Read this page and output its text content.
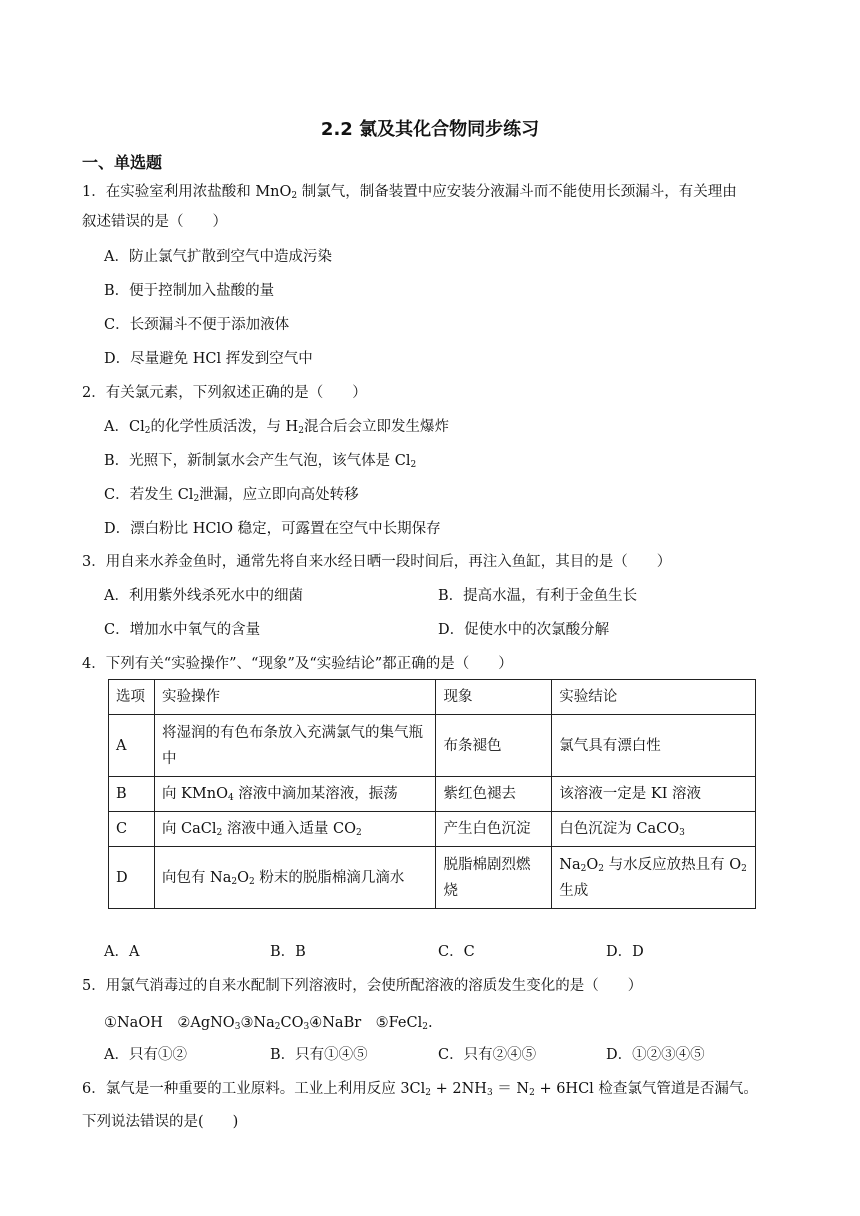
2.2 氯及其化合物同步练习
一、单选题
1．在实验室利用浓盐酸和 MnO$_2$ 制氯气，制备装置中应安装分液漏斗而不能使用长颈漏斗，有关理由
叙述错误的是（　　）
A．防止氯气扩散到空气中造成污染
B．便于控制加入盐酸的量
C．长颈漏斗不便于添加液体
D．尽量避免 HCl 挥发到空气中
2．有关氯元素，下列叙述正确的是（　　）
A．$Cl_2$的化学性质活泼，与 $H_2$混合后会立即发生爆炸
B．光照下，新制氯水会产生气泡，该气体是 $Cl_2$
C．若发生 $Cl_2$泄漏，应立即向高处转移
D．漂白粉比 HClO 稳定，可露置在空气中长期保存
3．用自来水养金鱼时，通常先将自来水经日晒一段时间后，再注入鱼缸，其目的是（　　）
A．利用紫外线杀死水中的细菌	B．提高水温，有利于金鱼生长
C．增加水中氧气的含量	D．促使水中的次氯酸分解
4．下列有关“实验操作”、“现象”及“实验结论”都正确的是（　　）
选项	实验操作	现象	实验结论
A	将湿润的有色布条放入充满氯气的集气瓶中	布条褪色	氯气具有漂白性
B	向 KMnO$_4$ 溶液中滴加某溶液，振荡	紫红色褪去	该溶液一定是 KI 溶液
C	向 CaCl$_2$ 溶液中通入适量 $CO_2$	产生白色沉淀	白色沉淀为 CaCO$_3$
D	向包有 $Na_2O_2$ 粉末的脱脂棉滴几滴水	脱脂棉剧烈燃烧	$Na_2O_2$ 与水反应放热且有 $O_2$
生成
A．A	B．B	C．C	D．D
5．用氯气消毒过的自来水配制下列溶液时，会使所配溶液的溶质发生变化的是（　　）
①NaOH　$②AgNO_3③Na_2CO_3④NaBr$　⑤FeCl$_2$.
A．只有①②	B．只有①④⑤	C．只有②④⑤	D．①②③④⑤
6．氯气是一种重要的工业原料。工业上利用反应 $3Cl_2 + 2NH_3 = N_2 + 6HCl$ 检查氯气管道是否漏气。
下列说法错误的是(　　)
